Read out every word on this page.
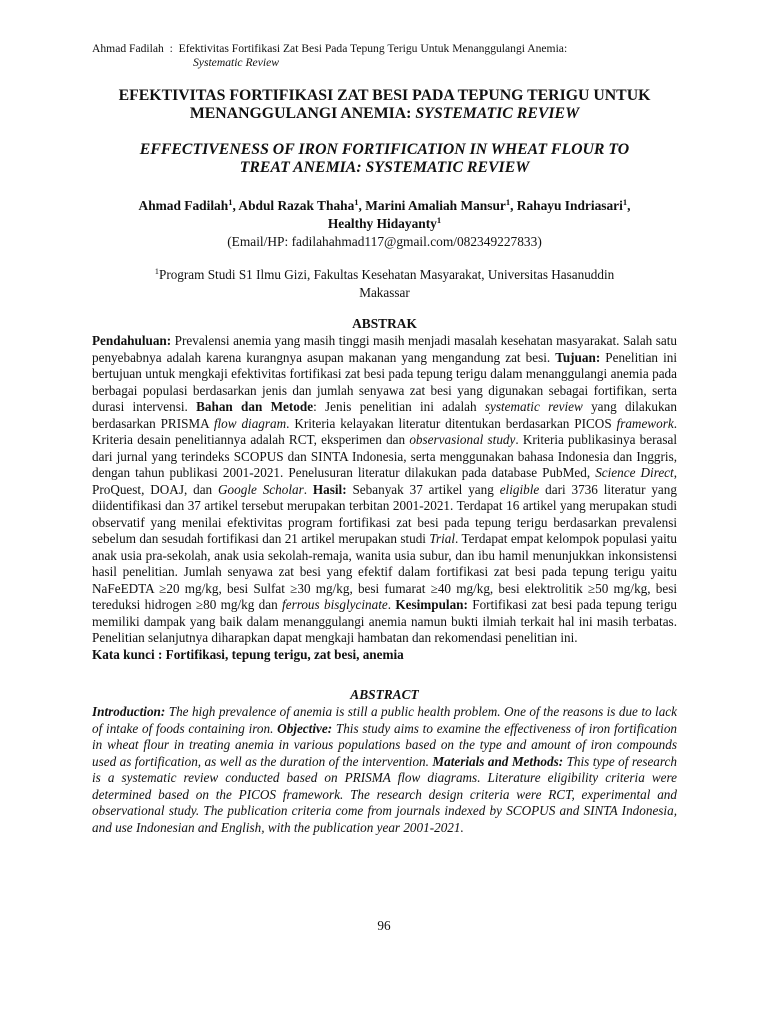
Ahmad Fadilah : Efektivitas Fortifikasi Zat Besi Pada Tepung Terigu Untuk Menanggulangi Anemia:
Systematic Review
EFEKTIVITAS FORTIFIKASI ZAT BESI PADA TEPUNG TERIGU UNTUK
MENANGGULANGI ANEMIA: SYSTEMATIC REVIEW
EFFECTIVENESS OF IRON FORTIFICATION IN WHEAT FLOUR TO
TREAT ANEMIA: SYSTEMATIC REVIEW
Ahmad Fadilah$^1$, Abdul Razak Thaha$^1$, Marini Amaliah Mansur$^1$, Rahayu Indriasari$^1$,
Healthy Hidayanty$^1$
(Email/HP: fadilahahmad117@gmail.com/082349227833)
$^1$Program Studi S1 Ilmu Gizi, Fakultas Kesehatan Masyarakat, Universitas Hasanuddin
Makassar
ABSTRAK

Pendahuluan: Prevalensi anemia yang masih tinggi masih menjadi masalah kesehatan masyarakat. Salah satu penyebabnya adalah karena kurangnya asupan makanan yang mengandung zat besi. Tujuan: Penelitian ini bertujuan untuk mengkaji efektivitas fortifikasi zat besi pada tepung terigu dalam menanggulangi anemia pada berbagai populasi berdasarkan jenis dan jumlah senyawa zat besi yang digunakan sebagai fortifikan, serta durasi intervensi. Bahan dan Metode: Jenis penelitian ini adalah systematic review yang dilakukan berdasarkan PRISMA flow diagram. Kriteria kelayakan literatur ditentukan berdasarkan PICOS framework. Kriteria desain penelitiannya adalah RCT, eksperimen dan observasional study. Kriteria publikasinya berasal dari jurnal yang terindeks SCOPUS dan SINTA Indonesia, serta menggunakan bahasa Indonesia dan Inggris, dengan tahun publikasi 2001-2021. Penelusuran literatur dilakukan pada database PubMed, Science Direct, ProQuest, DOAJ, dan Google Scholar. Hasil: Sebanyak 37 artikel yang eligible dari 3736 literatur yang diidentifikasi dan 37 artikel tersebut merupakan terbitan 2001-2021. Terdapat 16 artikel yang merupakan studi observatif yang menilai efektivitas program fortifikasi zat besi pada tepung terigu berdasarkan prevalensi sebelum dan sesudah fortifikasi dan 21 artikel merupakan studi Trial. Terdapat empat kelompok populasi yaitu anak usia pra-sekolah, anak usia sekolah-remaja, wanita usia subur, dan ibu hamil menunjukkan inkonsistensi hasil penelitian. Jumlah senyawa zat besi yang efektif dalam fortifikasi zat besi pada tepung terigu yaitu NaFeEDTA ≥20 mg/kg, besi Sulfat ≥30 mg/kg, besi fumarat ≥40 mg/kg, besi elektrolitik ≥50 mg/kg, besi tereduksi hidrogen ≥80 mg/kg dan ferrous bisglycinate. Kesimpulan: Fortifikasi zat besi pada tepung terigu memiliki dampak yang baik dalam menanggulangi anemia namun bukti ilmiah terkait hal ini masih terbatas. Penelitian selanjutnya diharapkan dapat mengkaji hambatan dan rekomendasi penelitian ini.

Kata kunci : Fortifikasi, tepung terigu, zat besi, anemia
ABSTRACT

Introduction: The high prevalence of anemia is still a public health problem. One of the reasons is due to lack of intake of foods containing iron. Objective: This study aims to examine the effectiveness of iron fortification in wheat flour in treating anemia in various populations based on the type and amount of iron compounds used as fortification, as well as the duration of the intervention. Materials and Methods: This type of research is a systematic review conducted based on PRISMA flow diagrams. Literature eligibility criteria were determined based on the PICOS framework. The research design criteria were RCT, experimental and observational study. The publication criteria come from journals indexed by SCOPUS and SINTA Indonesia, and use Indonesian and English, with the publication year 2001-2021.

96
